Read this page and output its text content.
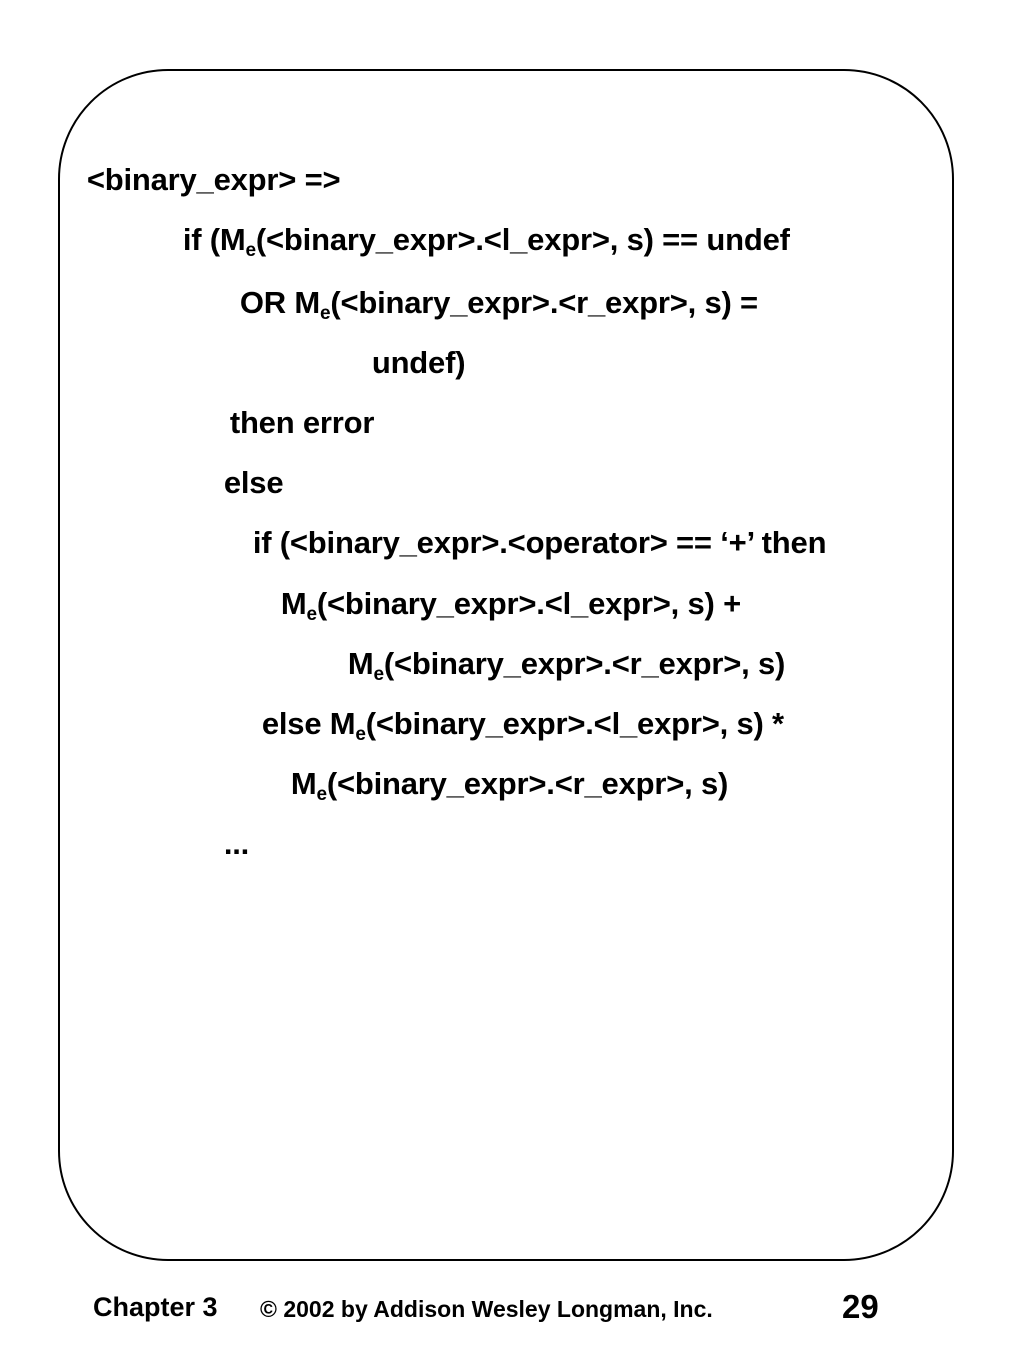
<binary_expr> =>

if ($M_e(<binary\_\exp r>.<l\_\exp r>$, s) == undef

OR $M_e(<binary\_\exp r>.<r\_\exp r>$, s) =

undef)

then error

else

if (<binary_expr>.<operator> == ‘+’ then

$M_e(<binary\_\exp r>.<l\_\exp r>$, s) +

$M_e(<binary\_\exp r>.<r\_\exp r>$, s)

else $M_e(<binary\_\exp r>.<l\_\exp r>$, s) *

$M_e(<binary\_\exp r>.<r\_\exp r>$, s)

...

Chapter 3 © 2002 by Addison Wesley Longman, Inc.	29
